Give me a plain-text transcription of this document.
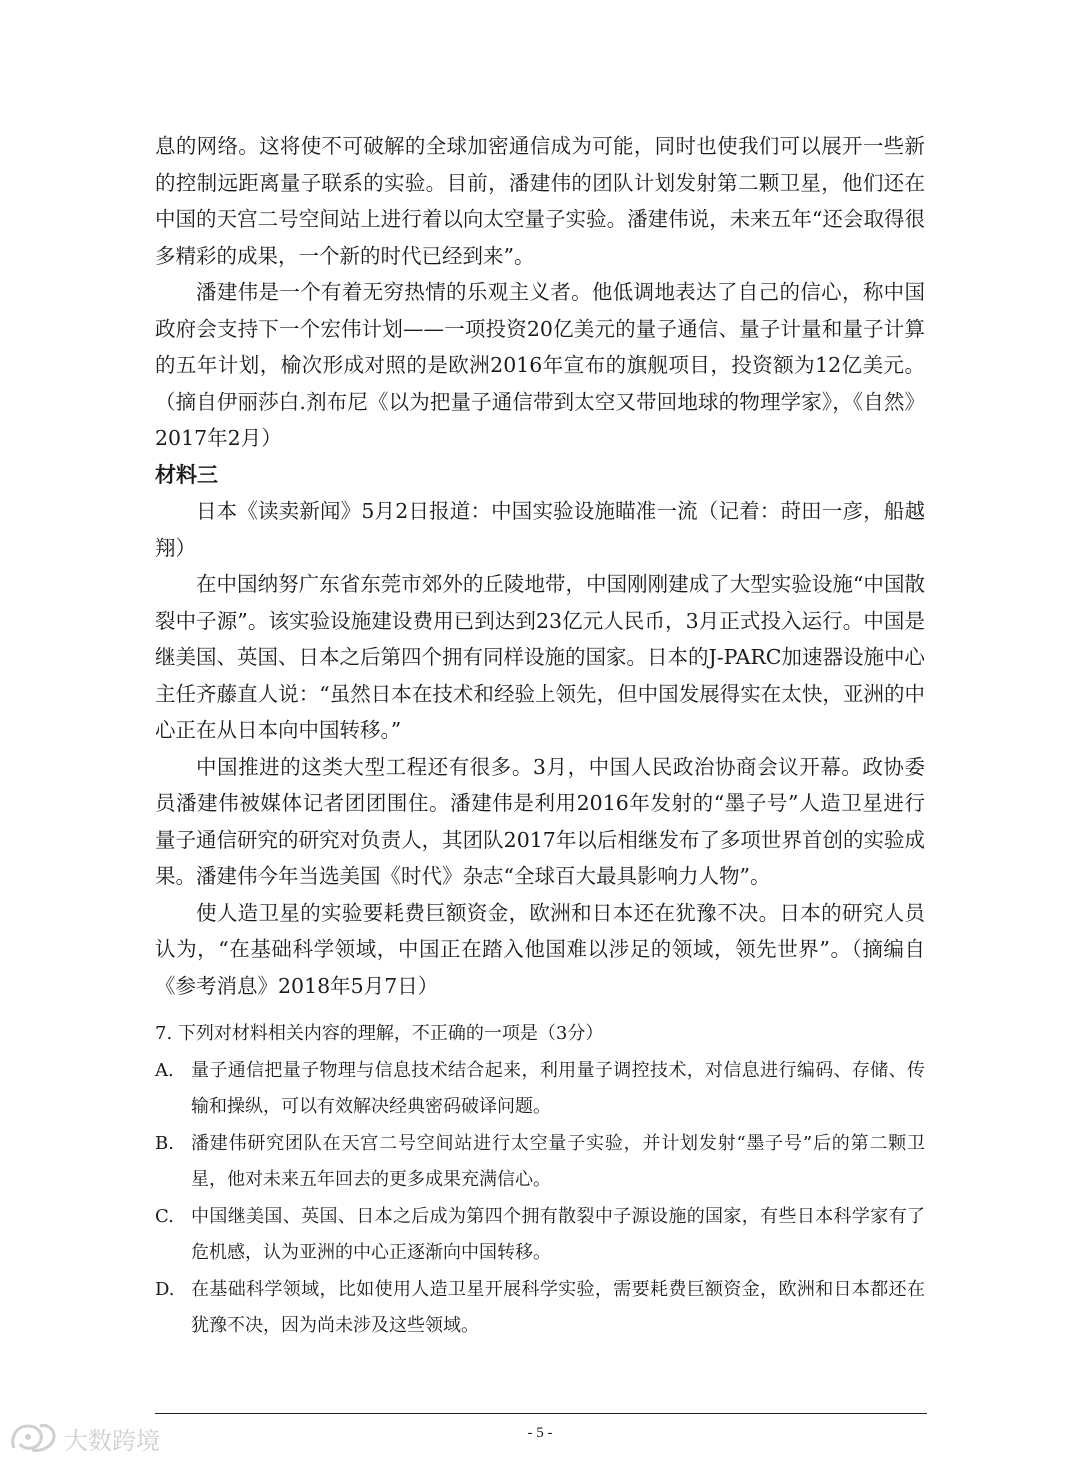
息的网络。这将使不可破解的全球加密通信成为可能，同时也使我们可以展开一些新的控制远距离量子联系的实验。目前，潘建伟的团队计划发射第二颗卫星，他们还在中国的天宫二号空间站上进行着以向太空量子实验。潘建伟说，未来五年“还会取得很多精彩的成果，一个新的时代已经到来”。

潘建伟是一个有着无穷热情的乐观主义者。他低调地表达了自己的信心，称中国政府会支持下一个宏伟计划——一项投资20亿美元的量子通信、量子计量和量子计算的五年计划，榆次形成对照的是欧洲2016年宣布的旗舰项目，投资额为12亿美元。（摘自伊丽莎白.剂布尼《以为把量子通信带到太空又带回地球的物理学家》，《自然》2017年2月）

材料三

日本《读卖新闻》5月2日报道：中国实验设施瞄准一流（记着：莳田一彦，船越翔）

在中国纳努广东省东莞市郊外的丘陵地带，中国刚刚建成了大型实验设施“中国散裂中子源”。该实验设施建设费用已到达到23亿元人民币，3月正式投入运行。中国是继美国、英国、日本之后第四个拥有同样设施的国家。日本的J-PARC加速器设施中心主任齐藤直人说：“虽然日本在技术和经验上领先，但中国发展得实在太快，亚洲的中心正在从日本向中国转移。”

中国推进的这类大型工程还有很多。3月，中国人民政治协商会议开幕。政协委员潘建伟被媒体记者团团围住。潘建伟是利用2016年发射的“墨子号”人造卫星进行量子通信研究的研究对负责人，其团队2017年以后相继发布了多项世界首创的实验成果。潘建伟今年当选美国《时代》杂志“全球百大最具影响力人物”。

使人造卫星的实验要耗费巨额资金，欧洲和日本还在犹豫不决。日本的研究人员认为，“在基础科学领域，中国正在踏入他国难以涉足的领域，领先世界”。（摘编自《参考消息》2018年5月7日）

7. 下列对材料相关内容的理解，不正确的一项是（3分）

A. 量子通信把量子物理与信息技术结合起来，利用量子调控技术，对信息进行编码、存储、传输和操纵，可以有效解决经典密码破译问题。
B. 潘建伟研究团队在天宫二号空间站进行太空量子实验，并计划发射“墨子号”后的第二颗卫星，他对未来五年回去的更多成果充满信心。
C. 中国继美国、英国、日本之后成为第四个拥有散裂中子源设施的国家，有些日本科学家有了危机感，认为亚洲的中心正逐渐向中国转移。
D. 在基础科学领域，比如使用人造卫星开展科学实验，需要耗费巨额资金，欧洲和日本都还在犹豫不决，因为尚未涉及这些领域。
- 5 -
大数跨境
